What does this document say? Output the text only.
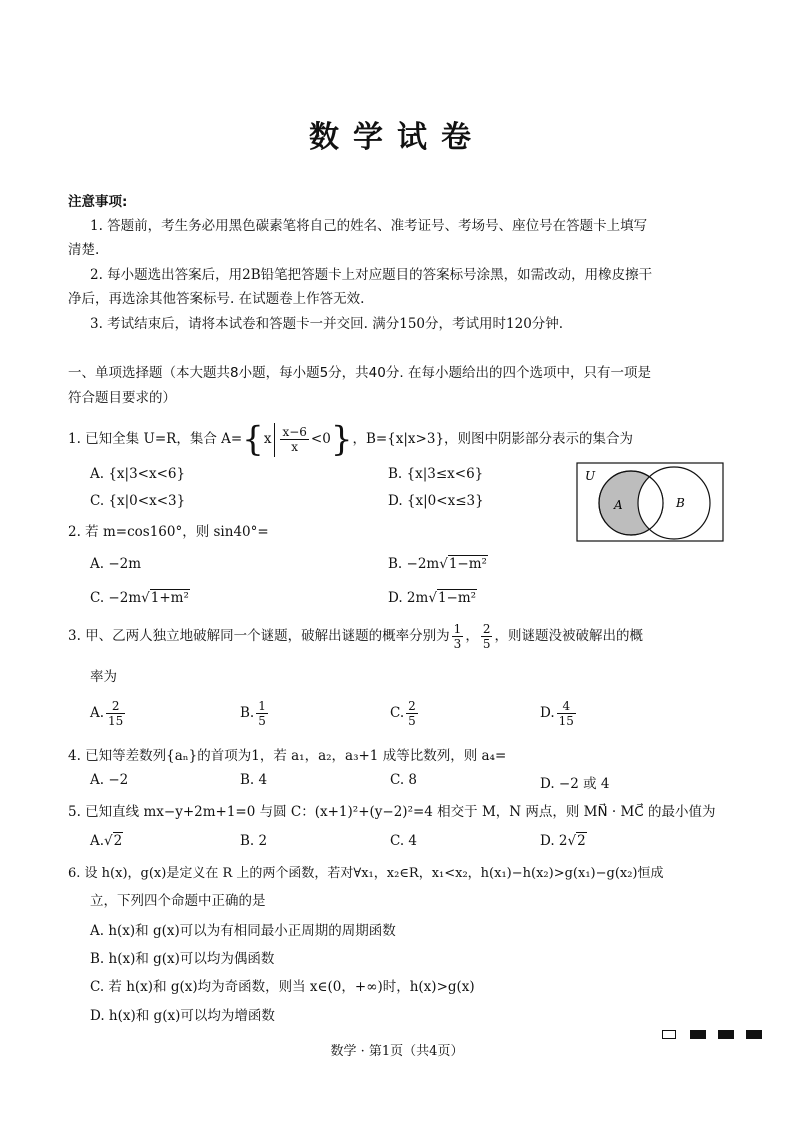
数学试卷
注意事项:
1. 答题前，考生务必用黑色碳素笔将自己的姓名、准考证号、考场号、座位号在答题卡上填写
清楚.
2. 每小题选出答案后，用2B铅笔把答题卡上对应题目的答案标号涂黑，如需改动，用橡皮擦干
净后，再选涂其他答案标号. 在试题卷上作答无效.
3. 考试结束后，请将本试卷和答题卡一并交回. 满分150分，考试用时120分钟.
一、单项选择题（本大题共8小题，每小题5分，共40分. 在每小题给出的四个选项中，只有一项是
符合题目要求的）
1. 已知全集 U=R，集合 $A=\{x \frac{x-6}{x} <0\}$，B={x|x>3}，则图中阴影部分表示的集合为
A. {x|3<x<6}	B. {x|3≤x<6}
C. {x|0<x<3}	D. {x|0<x≤3}
U
A	B
2. 若 m=cos160°，则 sin40°=
A. −2m	B. −2m√1−m²
C. −2m√1+m²	D. 2m√1−m²
3. 甲、乙两人独立地破解同一个谜题，破解出谜题的概率分别为 $\frac{1}{3}$ ， $\frac{2}{5}$ ，则谜题没被破解出的概
率为
A. $\frac{2}{15}$	B. $\frac{1}{5}$	C. $\frac{2}{5}$	D. $\frac{4}{15}$
4. 已知等差数列{aₙ}的首项为1，若 a₁，a₂，a₃+1 成等比数列，则 a₄=
A. −2	B. 4	C. 8	D. −2 或 4
5. 已知直线 mx−y+2m+1=0 与圆 C：(x+1)²+(y−2)²=4 相交于 M，N 两点，则 MN⃗ · MC⃗ 的最小值为
A.√2	B. 2	C. 4	D. 2√2
6. 设 h(x)，g(x)是定义在 R 上的两个函数，若对∀x₁，x₂∈R，x₁<x₂，h(x₁)−h(x₂)>g(x₁)−g(x₂)恒成
立，下列四个命题中正确的是
A. h(x)和 g(x)可以为有相同最小正周期的周期函数
B. h(x)和 g(x)可以均为偶函数
C. 若 h(x)和 g(x)均为奇函数，则当 x∈(0，+∞)时，h(x)>g(x)
D. h(x)和 g(x)可以均为增函数
数学 · 第1页（共4页）
